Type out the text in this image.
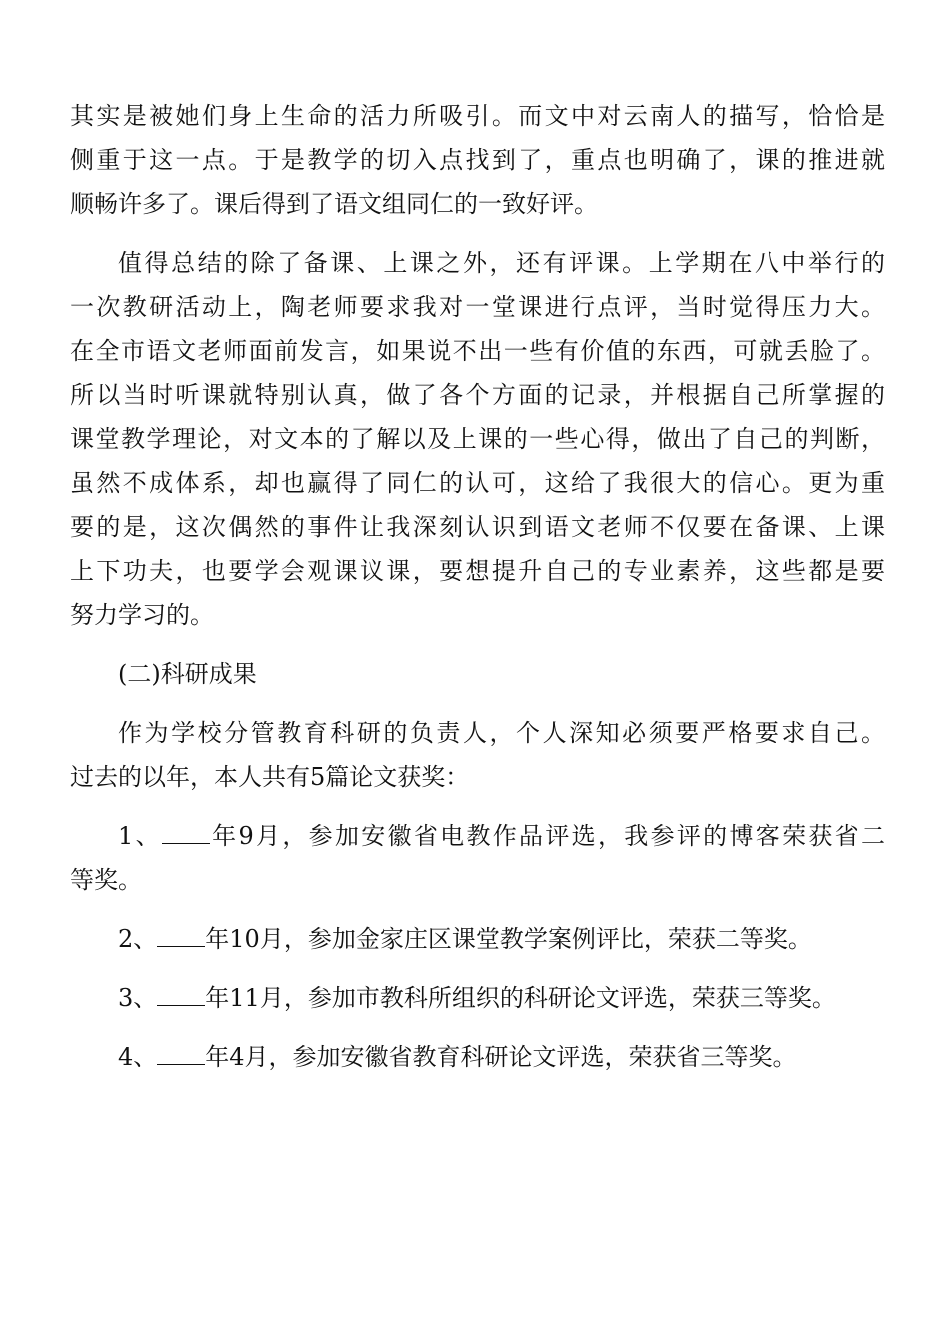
其实是被她们身上生命的活力所吸引。而文中对云南人的描写，恰恰是
侧重于这一点。于是教学的切入点找到了，重点也明确了，课的推进就
顺畅许多了。课后得到了语文组同仁的一致好评。
值得总结的除了备课、上课之外，还有评课。上学期在八中举行的
一次教研活动上，陶老师要求我对一堂课进行点评，当时觉得压力大。
在全市语文老师面前发言，如果说不出一些有价值的东西，可就丢脸了。
所以当时听课就特别认真，做了各个方面的记录，并根据自己所掌握的
课堂教学理论，对文本的了解以及上课的一些心得，做出了自己的判断，
虽然不成体系，却也赢得了同仁的认可，这给了我很大的信心。更为重
要的是，这次偶然的事件让我深刻认识到语文老师不仅要在备课、上课
上下功夫，也要学会观课议课，要想提升自己的专业素养，这些都是要
努力学习的。
(二)科研成果
作为学校分管教育科研的负责人，个人深知必须要严格要求自己。
过去的以年，本人共有5篇论文获奖：
1、 年9月，参加安徽省电教作品评选，我参评的博客荣获省二
等奖。
2、 年10月，参加金家庄区课堂教学案例评比，荣获二等奖。
3、 年11月，参加市教科所组织的科研论文评选，荣获三等奖。
4、 年4月，参加安徽省教育科研论文评选，荣获省三等奖。
